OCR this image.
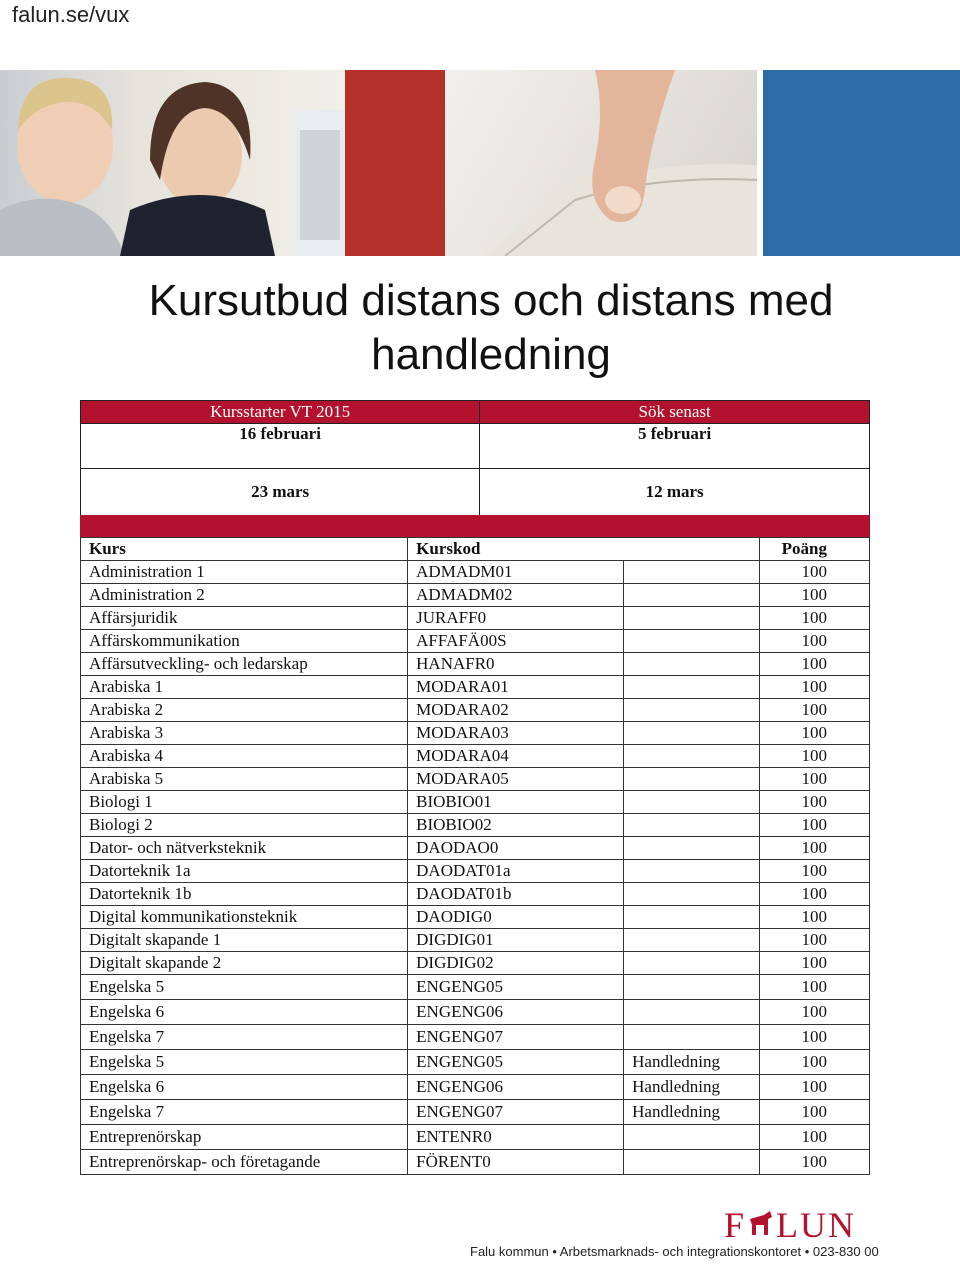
falun.se/vux
Kursutbud distans och distans med handledning
Kursstarter VT 2015	Sök senast
16 februari	5 februari
23 mars	12 mars
Kurs	Kurskod		Poäng
Administration 1	ADMADM01		100
Administration 2	ADMADM02		100
Affärsjuridik	JURAFF0		100
Affärskommunikation	AFFAFÄ00S		100
Affärsutveckling- och ledarskap	HANAFR0		100
Arabiska 1	MODARA01		100
Arabiska 2	MODARA02		100
Arabiska 3	MODARA03		100
Arabiska 4	MODARA04		100
Arabiska 5	MODARA05		100
Biologi 1	BIOBIO01		100
Biologi 2	BIOBIO02		100
Dator- och nätverksteknik	DAODAO0		100
Datorteknik 1a	DAODAT01a		100
Datorteknik 1b	DAODAT01b		100
Digital kommunikationsteknik	DAODIG0		100
Digitalt skapande 1	DIGDIG01		100
Digitalt skapande 2	DIGDIG02		100
Engelska 5	ENGENG05		100
Engelska 6	ENGENG06		100
Engelska 7	ENGENG07		100
Engelska 5	ENGENG05	Handledning	100
Engelska 6	ENGENG06	Handledning	100
Engelska 7	ENGENG07	Handledning	100
Entreprenörskap	ENTENR0		100
Entreprenörskap- och företagande	FÖRENT0		100
F LUN
Falu kommun • Arbetsmarknads- och integrationskontoret • 023-830 00
